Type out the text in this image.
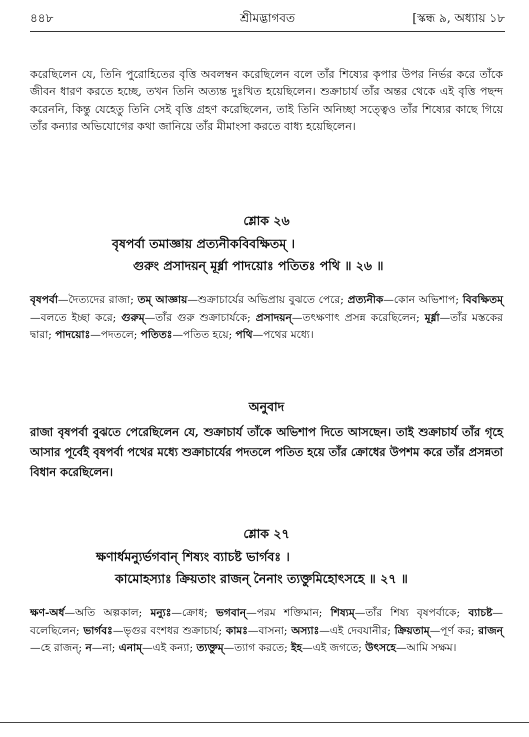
৪৪৮	শ্রীমদ্ভাগবত	[স্কন্ধ ৯, অধ্যায় ১৮

করেছিলেন যে, তিনি পুরোহিতের বৃত্তি অবলম্বন করেছিলেন বলে তাঁর শিষ্যের কৃপার উপর নির্ভর করে তাঁকে জীবন ধারণ করতে হচ্ছে, তখন তিনি অত্যন্ত দুঃখিত হয়েছিলেন। শুক্রাচার্য তাঁর অন্তর থেকে এই বৃত্তি পছন্দ করেননি, কিন্তু যেহেতু তিনি সেই বৃত্তি গ্রহণ করেছিলেন, তাই তিনি অনিচ্ছা সত্ত্বেও তাঁর শিষ্যের কাছে গিয়ে তাঁর কন্যার অভিযোগের কথা জানিয়ে তাঁর মীমাংসা করতে বাধ্য হয়েছিলেন।

শ্লোক ২৬

বৃষপর্বা তমাজ্ঞায় প্রত্যনীকবিবক্ষিতম্ ।

গুরুং প্রসাদয়ন্ মূর্ধ্না পাদয়োঃ পতিতঃ পথি ॥ ২৬ ॥

বৃষপর্বা—দৈত্যদের রাজা; তম্ আজ্ঞায়—শুক্রাচার্যের অভিপ্রায় বুঝতে পেরে; প্রত্যনীক—কোন অভিশাপ; বিবক্ষিতম্—বলতে ইচ্ছা করে; গুরুম্—তাঁর গুরু শুক্রাচার্যকে; প্রসাদয়ন্—তৎক্ষণাৎ প্রসন্ন করেছিলেন; মূর্ধ্না—তাঁর মস্তকের দ্বারা; পাদয়োঃ—পদতলে; পতিতঃ—পতিত হয়ে; পথি—পথের মধ্যে।

অনুবাদ

রাজা বৃষপর্বা বুঝতে পেরেছিলেন যে, শুক্রাচার্য তাঁকে অভিশাপ দিতে আসছেন। তাই শুক্রাচার্য তাঁর গৃহে আসার পূর্বেই বৃষপর্বা পথের মধ্যে শুক্রাচার্যের পদতলে পতিত হয়ে তাঁর ক্রোধের উপশম করে তাঁর প্রসন্নতা বিধান করেছিলেন।

শ্লোক ২৭

ক্ষণার্ধমন্যুর্ভগবান্ শিষ্যং ব্যাচষ্ট ভার্গবঃ ।

কামোহস্যাঃ ক্রিয়তাং রাজন্ নৈনাং ত্যক্তুমিহোৎসহে ॥ ২৭ ॥

ক্ষণ-অর্ধ—অতি অল্পকাল; মন্যুঃ—ক্রোধ; ভগবান্—পরম শক্তিমান; শিষ্যম্—তাঁর শিষ্য বৃষপর্বাকে; ব্যাচষ্ট—বলেছিলেন; ভার্গবঃ—ভৃগুর বংশধর শুক্রাচার্য; কামঃ—বাসনা; অস্যাঃ—এই দেবযানীর; ক্রিয়তাম্—পূর্ণ কর; রাজন্—হে রাজন্; ন—না; এনাম্—এই কন্যা; ত্যক্তুম্—ত্যাগ করতে; ইহ—এই জগতে; উৎসহে—আমি সক্ষম।
